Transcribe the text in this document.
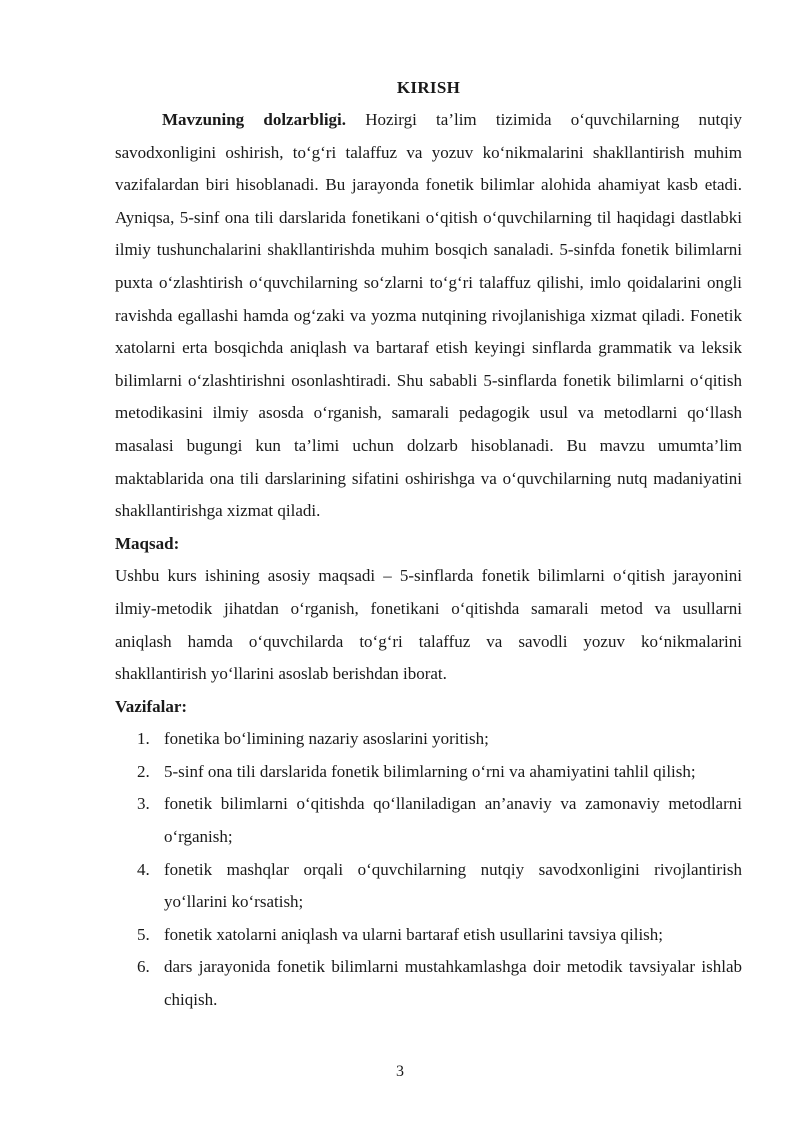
KIRISH

Mavzuning dolzarbligi. Hozirgi ta’lim tizimida o‘quvchilarning nutqiy savodxonligini oshirish, to‘g‘ri talaffuz va yozuv ko‘nikmalarini shakllantirish muhim vazifalardan biri hisoblanadi. Bu jarayonda fonetik bilimlar alohida ahamiyat kasb etadi. Ayniqsa, 5-sinf ona tili darslarida fonetikani o‘qitish o‘quvchilarning til haqidagi dastlabki ilmiy tushunchalarini shakllantirishda muhim bosqich sanaladi. 5-sinfda fonetik bilimlarni puxta o‘zlashtirish o‘quvchilarning so‘zlarni to‘g‘ri talaffuz qilishi, imlo qoidalarini ongli ravishda egallashi hamda og‘zaki va yozma nutqining rivojlanishiga xizmat qiladi. Fonetik xatolarni erta bosqichda aniqlash va bartaraf etish keyingi sinflarda grammatik va leksik bilimlarni o‘zlashtirishni osonlashtiradi. Shu sababli 5-sinflarda fonetik bilimlarni o‘qitish metodikasini ilmiy asosda o‘rganish, samarali pedagogik usul va metodlarni qo‘llash masalasi bugungi kun ta’limi uchun dolzarb hisoblanadi. Bu mavzu umumta’lim maktablarida ona tili darslarining sifatini oshirishga va o‘quvchilarning nutq madaniyatini shakllantirishga xizmat qiladi.

Maqsad:

Ushbu kurs ishining asosiy maqsadi – 5-sinflarda fonetik bilimlarni o‘qitish jarayonini ilmiy-metodik jihatdan o‘rganish, fonetikani o‘qitishda samarali metod va usullarni aniqlash hamda o‘quvchilarda to‘g‘ri talaffuz va savodli yozuv ko‘nikmalarini shakllantirish yo‘llarini asoslab berishdan iborat.

Vazifalar:

1. fonetika bo‘limining nazariy asoslarini yoritish;
2. 5-sinf ona tili darslarida fonetik bilimlarning o‘rni va ahamiyatini tahlil qilish;
3. fonetik bilimlarni o‘qitishda qo‘llaniladigan an’anaviy va zamonaviy metodlarni o‘rganish;
4. fonetik mashqlar orqali o‘quvchilarning nutqiy savodxonligini rivojlantirish yo‘llarini ko‘rsatish;
5. fonetik xatolarni aniqlash va ularni bartaraf etish usullarini tavsiya qilish;
6. dars jarayonida fonetik bilimlarni mustahkamlashga doir metodik tavsiyalar ishlab chiqish.
3
